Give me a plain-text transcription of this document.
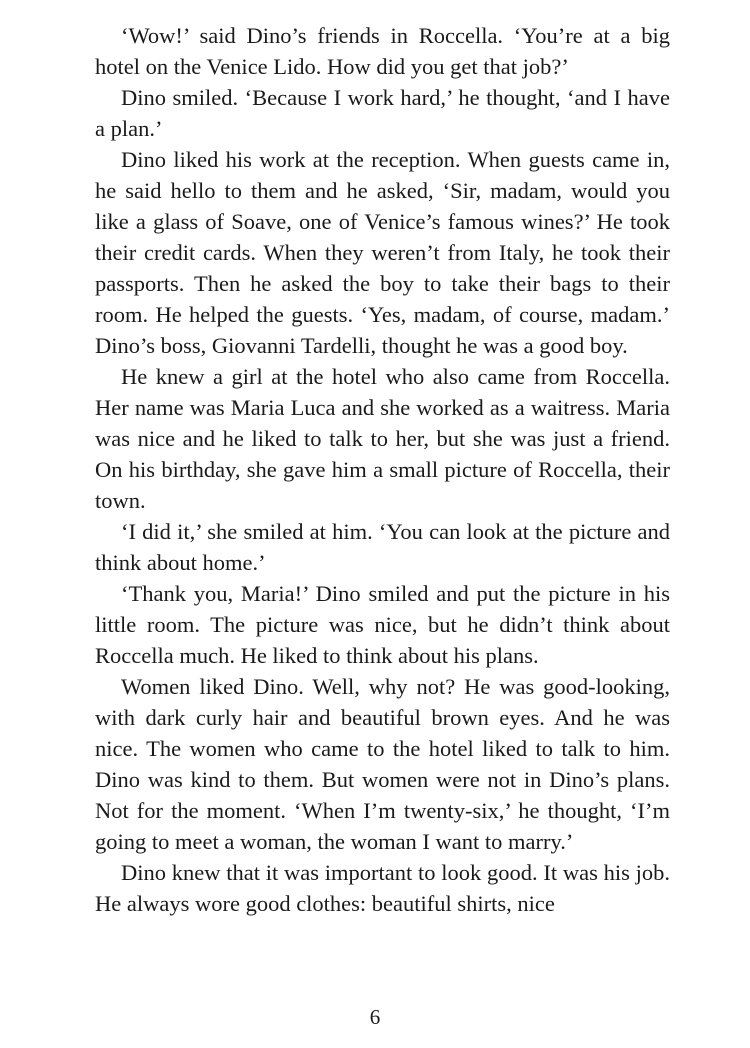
‘Wow!’ said Dino’s friends in Roccella. ‘You’re at a big hotel on the Venice Lido. How did you get that job?’

Dino smiled. ‘Because I work hard,’ he thought, ‘and I have a plan.’

Dino liked his work at the reception. When guests came in, he said hello to them and he asked, ‘Sir, madam, would you like a glass of Soave, one of Venice’s famous wines?’ He took their credit cards. When they weren’t from Italy, he took their passports. Then he asked the boy to take their bags to their room. He helped the guests. ‘Yes, madam, of course, madam.’ Dino’s boss, Giovanni Tardelli, thought he was a good boy.

He knew a girl at the hotel who also came from Roccella. Her name was Maria Luca and she worked as a waitress. Maria was nice and he liked to talk to her, but she was just a friend. On his birthday, she gave him a small picture of Roccella, their town.

‘I did it,’ she smiled at him. ‘You can look at the picture and think about home.’

‘Thank you, Maria!’ Dino smiled and put the picture in his little room. The picture was nice, but he didn’t think about Roccella much. He liked to think about his plans.

Women liked Dino. Well, why not? He was good-looking, with dark curly hair and beautiful brown eyes. And he was nice. The women who came to the hotel liked to talk to him. Dino was kind to them. But women were not in Dino’s plans. Not for the moment. ‘When I’m twenty-six,’ he thought, ‘I’m going to meet a woman, the woman I want to marry.’

Dino knew that it was important to look good. It was his job. He always wore good clothes: beautiful shirts, nice

6
